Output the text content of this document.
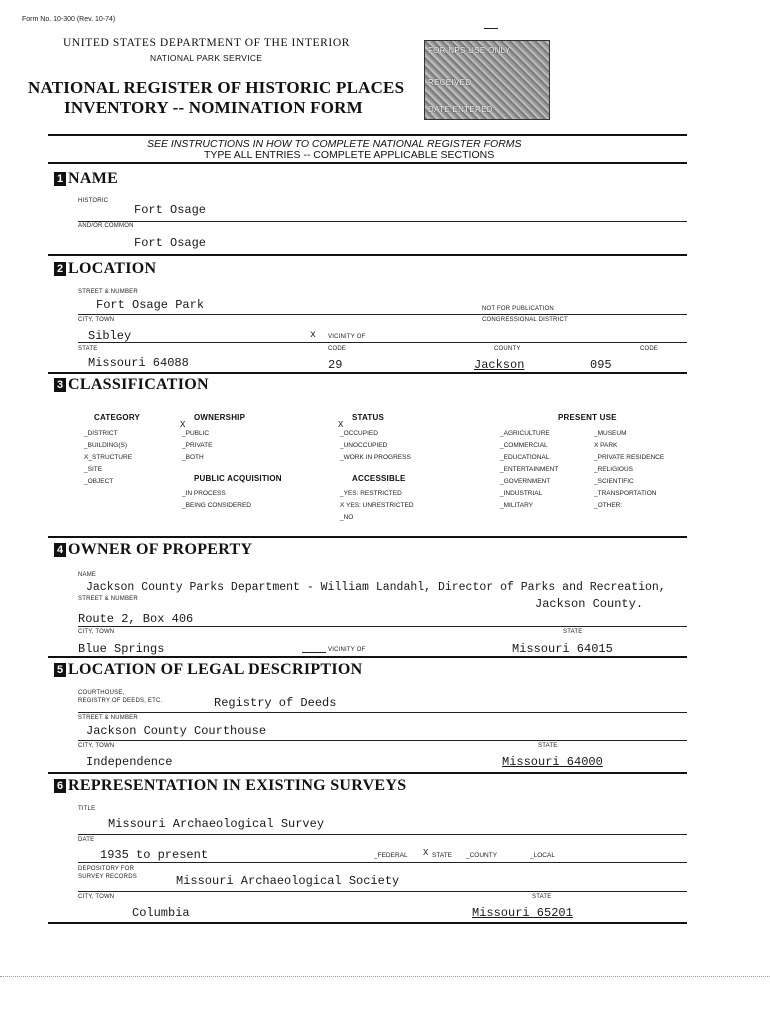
Form No. 10-300 (Rev. 10-74)
UNITED STATES DEPARTMENT OF THE INTERIOR
NATIONAL PARK SERVICE
NATIONAL REGISTER OF HISTORIC PLACES
INVENTORY -- NOMINATION FORM
FOR NPS USE ONLY
RECEIVED
DATE ENTERED
SEE INSTRUCTIONS IN HOW TO COMPLETE NATIONAL REGISTER FORMS
TYPE ALL ENTRIES -- COMPLETE APPLICABLE SECTIONS
1 NAME
HISTORIC
Fort Osage
AND/OR COMMON
Fort Osage
2 LOCATION
STREET & NUMBER
Fort Osage Park	NOT FOR PUBLICATION
CITY, TOWN	CONGRESSIONAL DISTRICT
Sibley	x VICINITY OF
STATE	CODE	COUNTY	CODE
Missouri 64088	29	Jackson	095
3 CLASSIFICATION
CATEGORY
_DISTRICT
_BUILDING(S)
X_STRUCTURE
_SITE
_OBJECT
OWNERSHIP
X
_PUBLIC
_PRIVATE
_BOTH
PUBLIC ACQUISITION
_IN PROCESS
_BEING CONSIDERED
STATUS
X
_OCCUPIED
_UNOCCUPIED
_WORK IN PROGRESS
ACCESSIBLE
_YES: RESTRICTED
X YES: UNRESTRICTED
_NO
PRESENT USE
_AGRICULTURE
_COMMERCIAL
_EDUCATIONAL
_ENTERTAINMENT
_GOVERNMENT
_INDUSTRIAL
_MILITARY
_MUSEUM
X PARK
_PRIVATE RESIDENCE
_RELIGIOUS
_SCIENTIFIC
_TRANSPORTATION
_OTHER:
4 OWNER OF PROPERTY
NAME
Jackson County Parks Department - William Landahl, Director of Parks and Recreation,
STREET & NUMBER	Jackson County.
Route 2, Box 406
CITY, TOWN	STATE
Blue Springs	VICINITY OF	Missouri 64015
5 LOCATION OF LEGAL DESCRIPTION
COURTHOUSE,
REGISTRY OF DEEDS, ETC.	Registry of Deeds
STREET & NUMBER
Jackson County Courthouse
CITY, TOWN	STATE
Independence	Missouri 64000
6 REPRESENTATION IN EXISTING SURVEYS
TITLE
Missouri Archaeological Survey
DATE
1935 to present	_FEDERAL X STATE _COUNTY	_LOCAL
DEPOSITORY FOR
SURVEY RECORDS	Missouri Archaeological Society
CITY, TOWN	STATE
Columbia	Missouri 65201
